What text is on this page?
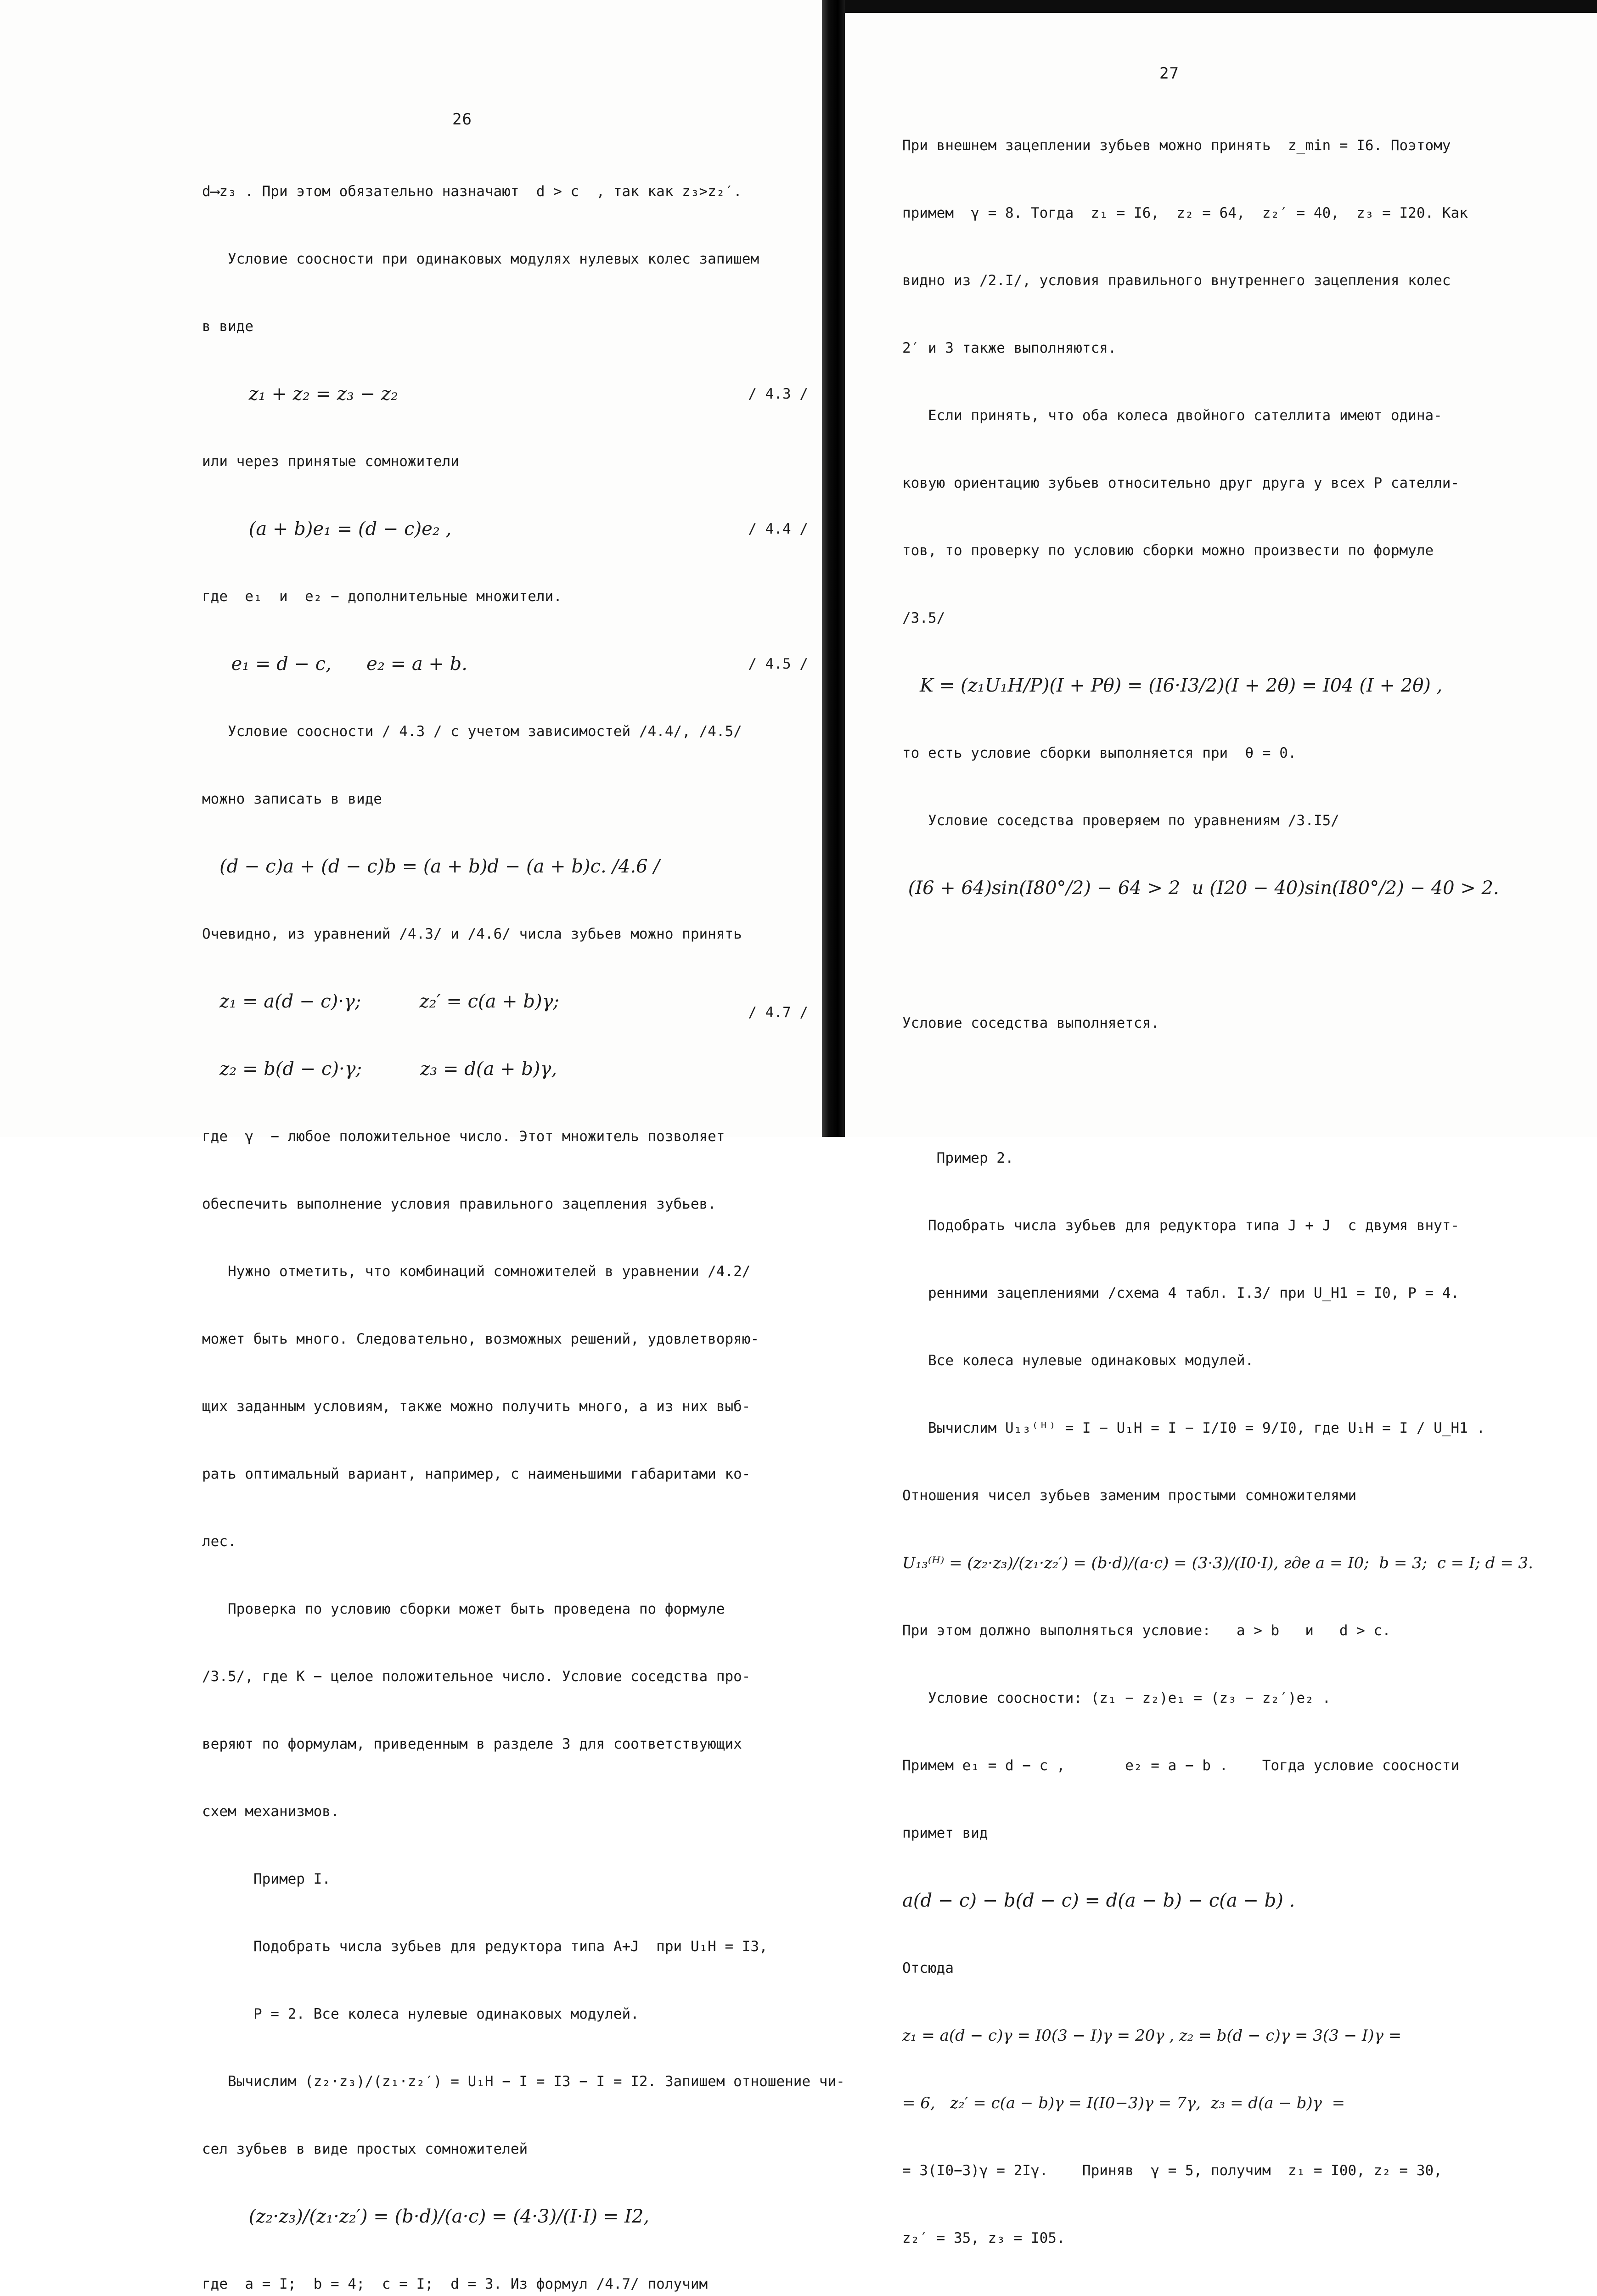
26

d⟶z₃ . При этом обязательно назначают  d > c  , так как z₃>z₂′.

Условие соосности при одинаковых модулях нулевых колес запишем

в виде

z₁ + z₂ = z₃ − z₂	/ 4.3 /

или через принятые сомножители

(a + b)e₁ = (d − c)e₂ ,	/ 4.4 /

где  e₁  и  e₂ − дополнительные множители.

e₁ = d − c,      e₂ = a + b.	/ 4.5 /

Условие соосности / 4.3 / с учетом зависимостей /4.4/, /4.5/

можно записать в виде

(d − c)a + (d − c)b = (a + b)d − (a + b)c. /4.6 /

Очевидно, из уравнений /4.3/ и /4.6/ числа зубьев можно принять

z₁ = a(d − c)·γ;          z₂′ = c(a + b)γ;
/ 4.7 /

z₂ = b(d − c)·γ;          z₃ = d(a + b)γ,

где  γ  − любое положительное число. Этот множитель позволяет

обеспечить выполнение условия правильного зацепления зубьев.

Нужно отметить, что комбинаций сомножителей в уравнении /4.2/

может быть много. Следовательно, возможных решений, удовлетворяю-

щих заданным условиям, также можно получить много, а из них выб-

рать оптимальный вариант, например, с наименьшими габаритами ко-

лес.

Проверка по условию сборки может быть проведена по формуле

/3.5/, где K − целое положительное число. Условие соседства про-

веряют по формулам, приведенным в разделе 3 для соответствующих

схем механизмов.

Пример I.

Подобрать числа зубьев для редуктора типа A+J  при U₁H = I3,

P = 2. Все колеса нулевые одинаковых модулей.

Вычислим (z₂·z₃)/(z₁·z₂′) = U₁H − I = I3 − I = I2. Запишем отношение чи-

сел зубьев в виде простых сомножителей

(z₂·z₃)/(z₁·z₂′) = (b·d)/(a·c) = (4·3)/(I·I) = I2,

где  a = I;  b = 4;  c = I;  d = 3. Из формул /4.7/ получим

27

При внешнем зацеплении зубьев можно принять  z_min = I6. Поэтому

примем  γ = 8. Тогда  z₁ = I6,  z₂ = 64,  z₂′ = 40,  z₃ = I20. Как

видно из /2.I/, условия правильного внутреннего зацепления колес

2′ и 3 также выполняются.

Если принять, что оба колеса двойного сателлита имеют одина-

ковую ориентацию зубьев относительно друг друга у всех P сателли-

тов, то проверку по условию сборки можно произвести по формуле

/3.5/

K = (z₁U₁H/P)(I + Pθ) = (I6·I3/2)(I + 2θ) = I04 (I + 2θ) ,

то есть условие сборки выполняется при  θ = 0.

Условие соседства проверяем по уравнениям /3.I5/

(I6 + 64)sin(I80°/2) − 64 > 2  и (I20 − 40)sin(I80°/2) − 40 > 2.

Условие соседства выполняется.

Пример 2.

Подобрать числа зубьев для редуктора типа J + J  с двумя внут-

ренними зацеплениями /схема 4 табл. I.3/ при U_H1 = I0, P = 4.

Все колеса нулевые одинаковых модулей.

Вычислим U₁₃⁽ᴴ⁾ = I − U₁H = I − I/I0 = 9/I0, где U₁H = I / U_H1 .

Отношения чисел зубьев заменим простыми сомножителями

U₁₃⁽ᴴ⁾ = (z₂·z₃)/(z₁·z₂′) = (b·d)/(a·c) = (3·3)/(I0·I), где a = I0;  b = 3;  c = I; d = 3.

При этом должно выполняться условие:   a > b   и   d > c.

Условие соосности: (z₁ − z₂)e₁ = (z₃ − z₂′)e₂ .

Примем e₁ = d − c ,       e₂ = a − b .    Тогда условие соосности

примет вид

a(d − c) − b(d − c) = d(a − b) − c(a − b) .

Отсюда

z₁ = a(d − c)γ = I0(3 − I)γ = 20γ , z₂ = b(d − c)γ = 3(3 − I)γ =

= 6,   z₂′ = c(a − b)γ = I(I0−3)γ = 7γ,  z₃ = d(a − b)γ  =

= 3(I0−3)γ = 2Iγ.    Приняв  γ = 5, получим  z₁ = I00, z₂ = 30,

z₂′ = 35, z₃ = I05.
